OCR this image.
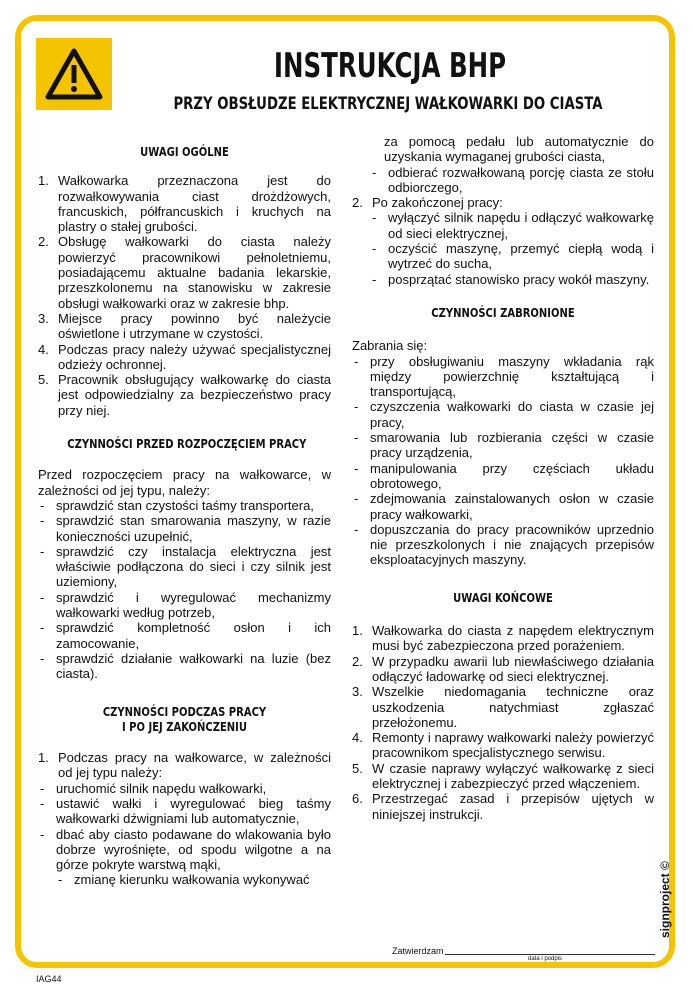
INSTRUKCJA BHP
PRZY OBSŁUDZE ELEKTRYCZNEJ WAŁKOWARKI DO CIASTA
UWAGI OGÓLNE
1. Wałkowarka przeznaczona jest do rozwałkowywania ciast drożdżowych, francuskich, półfrancuskich i kruchych na plastry o stałej grubości.
2. Obsługę wałkowarki do ciasta należy powierzyć pracownikowi pełnoletniemu, posiadającemu aktualne badania lekarskie, przeszkolonemu na stanowisku w zakresie obsługi wałkowarki oraz w zakresie bhp.
3. Miejsce pracy powinno być należycie oświetlone i utrzymane w czystości.
4. Podczas pracy należy używać specjalistycznej odzieży ochronnej.
5. Pracownik obsługujący wałkowarkę do ciasta jest odpowiedzialny za bezpieczeństwo pracy przy niej.
CZYNNOŚCI PRZED ROZPOCZĘCIEM PRACY
Przed rozpoczęciem pracy na wałkowarce, w zależności od jej typu, należy:
- sprawdzić stan czystości taśmy transportera,
- sprawdzić stan smarowania maszyny, w razie konieczności uzupełnić,
- sprawdzić czy instalacja elektryczna jest właściwie podłączona do sieci i czy silnik jest uziemiony,
- sprawdzić i wyregulować mechanizmy wałkowarki według potrzeb,
- sprawdzić kompletność osłon i ich zamocowanie,
- sprawdzić działanie wałkowarki na luzie (bez ciasta).
CZYNNOŚCI PODCZAS PRACY
I PO JEJ ZAKOŃCZENIU
1. Podczas pracy na wałkowarce, w zależności od jej typu należy:
- uruchomić silnik napędu wałkowarki,
- ustawić wałki i wyregulować bieg taśmy wałkowarki dźwigniami lub automatycznie,
- dbać aby ciasto podawane do wlakowania było dobrze wyrośnięte, od spodu wilgotne a na górze pokryte warstwą mąki,
- zmianę kierunku wałkowania wykonywać
za pomocą pedału lub automatycznie do uzyskania wymaganej grubości ciasta,
- odbierać rozwałkowaną porcję ciasta ze stołu odbiorczego,
2. Po zakończonej pracy:
- wyłączyć silnik napędu i odłączyć wałkowarkę od sieci elektrycznej,
- oczyścić maszynę, przemyć ciepłą wodą i wytrzeć do sucha,
- posprzątać stanowisko pracy wokół maszyny.
CZYNNOŚCI ZABRONIONE
Zabrania się:
- przy obsługiwaniu maszyny wkładania rąk między powierzchnię kształtującą i transportującą,
- czyszczenia wałkowarki do ciasta w czasie jej pracy,
- smarowania lub rozbierania części w czasie pracy urządzenia,
- manipulowania przy częściach układu obrotowego,
- zdejmowania zainstalowanych osłon w czasie pracy wałkowarki,
- dopuszczania do pracy pracowników uprzednio nie przeszkolonych i nie znających przepisów eksploatacyjnych maszyny.
UWAGI KOŃCOWE
1. Wałkowarka do ciasta z napędem elektrycznym musi być zabezpieczona przed porażeniem.
2. W przypadku awarii lub niewłaściwego działania odłączyć ładowarkę od sieci elektrycznej.
3. Wszelkie niedomagania techniczne oraz uszkodzenia natychmiast zgłaszać przełożonemu.
4. Remonty i naprawy wałkowarki należy powierzyć pracownikom specjalistycznego serwisu.
5. W czasie naprawy wyłączyć wałkowarkę z sieci elektrycznej i zabezpieczyć przed włączeniem.
6. Przestrzegać zasad i przepisów ujętych w niniejszej instrukcji.
Zatwierdzam
data i podpis
signproject ©
IAG44
